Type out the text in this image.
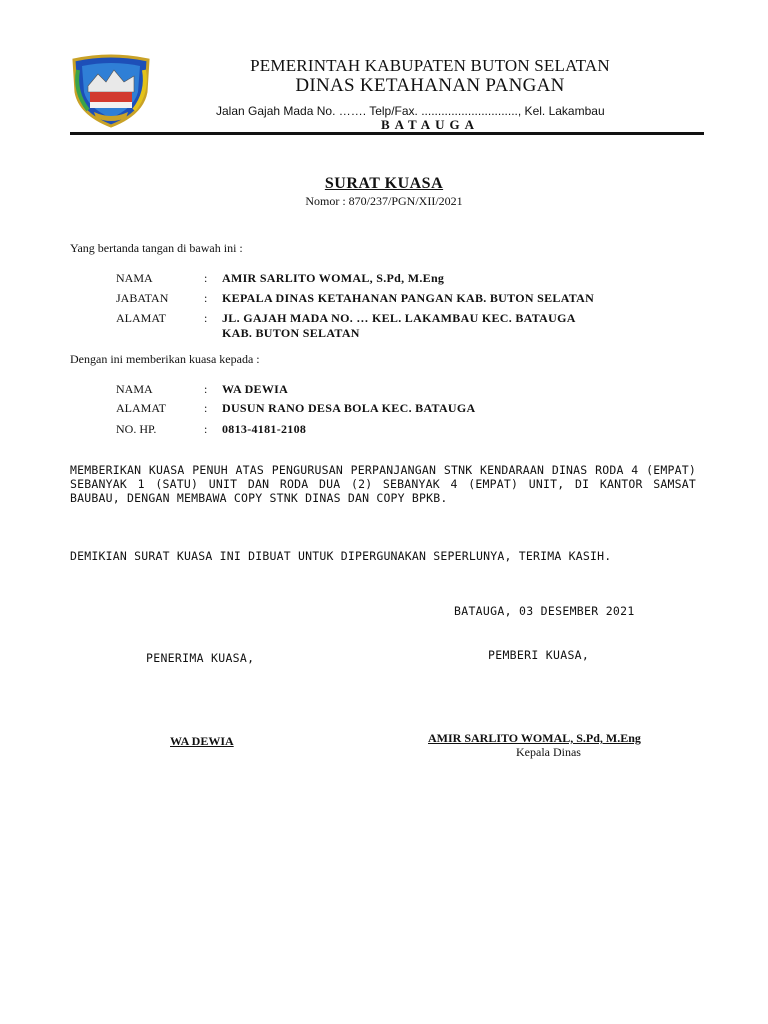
PEMERINTAH KABUPATEN BUTON SELATAN
DINAS KETAHANAN PANGAN
Jalan Gajah Mada No. ……. Telp/Fax. ............................., Kel. Lakambau
BATAUGA
SURAT KUASA
Nomor : 870/237/PGN/XII/2021
Yang bertanda tangan di bawah ini :
NAMA	: AMIR SARLITO WOMAL, S.Pd, M.Eng
JABATAN	: KEPALA DINAS KETAHANAN PANGAN KAB. BUTON SELATAN
ALAMAT	: JL. GAJAH MADA NO. … KEL. LAKAMBAU KEC. BATAUGA
KAB. BUTON SELATAN
Dengan ini memberikan kuasa kepada :
NAMA	: WA DEWIA
ALAMAT	: DUSUN RANO DESA BOLA KEC. BATAUGA
NO. HP.	: 0813-4181-2108
MEMBERIKAN KUASA PENUH ATAS PENGURUSAN PERPANJANGAN STNK KENDARAAN DINAS RODA 4 (EMPAT) SEBANYAK 1 (SATU) UNIT DAN RODA DUA (2) SEBANYAK 4 (EMPAT) UNIT, DI KANTOR SAMSAT BAUBAU, DENGAN MEMBAWA COPY STNK DINAS DAN COPY BPKB.
DEMIKIAN SURAT KUASA INI DIBUAT UNTUK DIPERGUNAKAN SEPERLUNYA, TERIMA KASIH.
BATAUGA, 03 DESEMBER 2021
PENERIMA KUASA,	PEMBERI KUASA,
WA DEWIA	AMIR SARLITO WOMAL, S.Pd, M.Eng
Kepala Dinas
